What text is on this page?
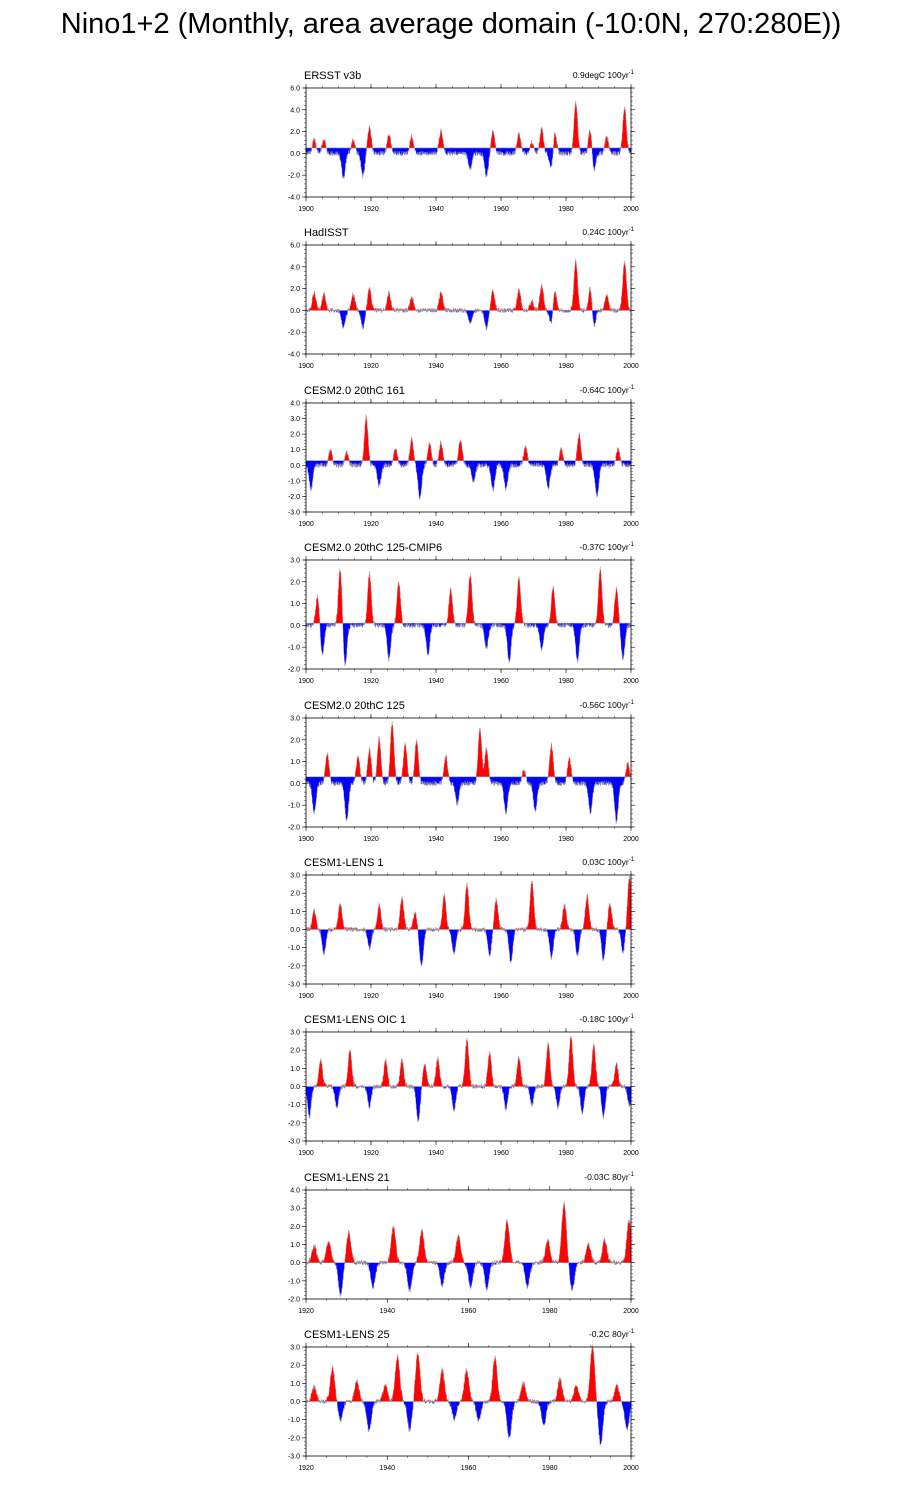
Nino1+2 (Monthly, area average domain (-10:0N, 270:280E))
ERSST v3b	0.9degC $100yr^{-1}$
-4.0
-2.0
0.0
2.0
4.0
6.0
1900	1920	1940	1960	1980	2000
HadISST	0.24C $100yr^{-1}$
-4.0
-2.0
0.0
2.0
4.0
6.0
1900	1920	1940	1960	1980	2000
CESM2.0 20thC 161	-0.64C $100yr^{-1}$
-3.0
-2.0
-1.0
0.0
1.0
2.0
3.0
4.0
1900	1920	1940	1960	1980	2000
CESM2.0 20thC 125-CMIP6	-0.37C $100yr^{-1}$
-2.0
-1.0
0.0
1.0
2.0
3.0
1900	1920	1940	1960	1980	2000
CESM2.0 20thC 125	-0.56C $100yr^{-1}$
-2.0
-1.0
0.0
1.0
2.0
3.0
1900	1920	1940	1960	1980	2000
CESM1-LENS 1	0.03C $100yr^{-1}$
-3.0
-2.0
-1.0
0.0
1.0
2.0
3.0
1900	1920	1940	1960	1980	2000
CESM1-LENS OIC 1	-0.18C $100yr^{-1}$
-3.0
-2.0
-1.0
0.0
1.0
2.0
3.0
1900	1920	1940	1960	1980	2000
CESM1-LENS 21	-0.03C $80yr^{-1}$
-2.0
-1.0
0.0
1.0
2.0
3.0
4.0
1920	1940	1960	1980	2000
CESM1-LENS 25	-0.2C $80yr^{-1}$
-3.0
-2.0
-1.0
0.0
1.0
2.0
3.0
1920	1940	1960	1980	2000
